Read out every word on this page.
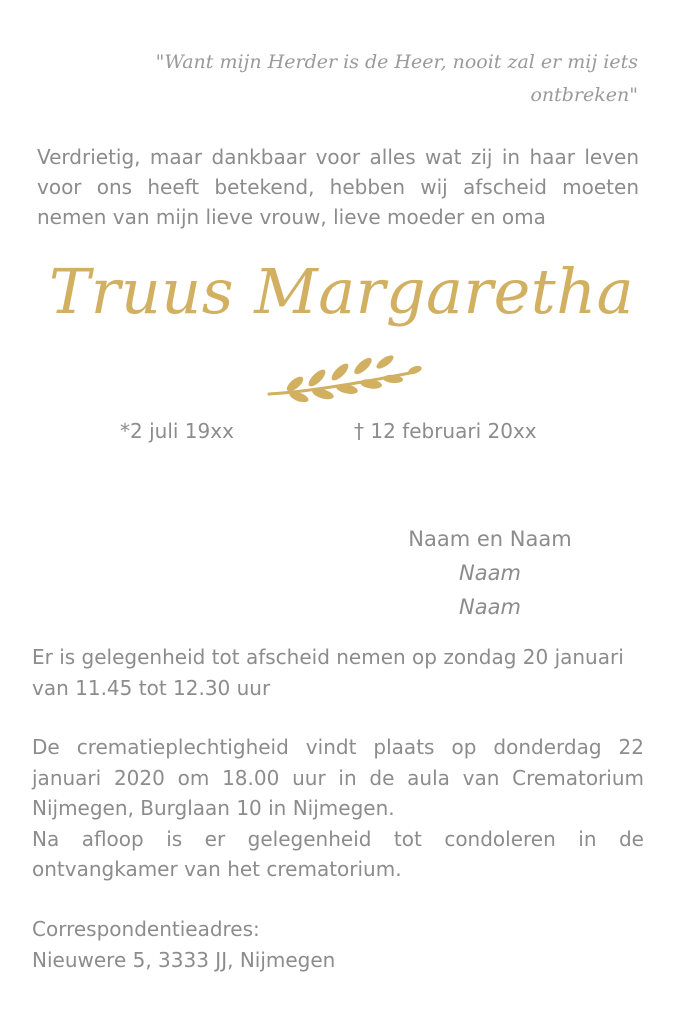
"Want mijn Herder is de Heer, nooit zal er mij iets
ontbreken"
Verdrietig, maar dankbaar voor alles wat zij in haar leven voor ons heeft betekend, hebben wij afscheid moeten nemen van mijn lieve vrouw, lieve moeder en oma
Truus Margaretha
*2 juli 19xx	† 12 februari 20xx
Naam en Naam
Naam
Naam
Er is gelegenheid tot afscheid nemen op zondag 20 januari van 11.45 tot 12.30 uur
De crematieplechtigheid vindt plaats op donderdag 22 januari 2020 om 18.00 uur in de aula van Crematorium Nijmegen, Burglaan 10 in Nijmegen.
Na afloop is er gelegenheid tot condoleren in de ontvangkamer van het crematorium.
Correspondentieadres:
Nieuwere 5, 3333 JJ, Nijmegen
